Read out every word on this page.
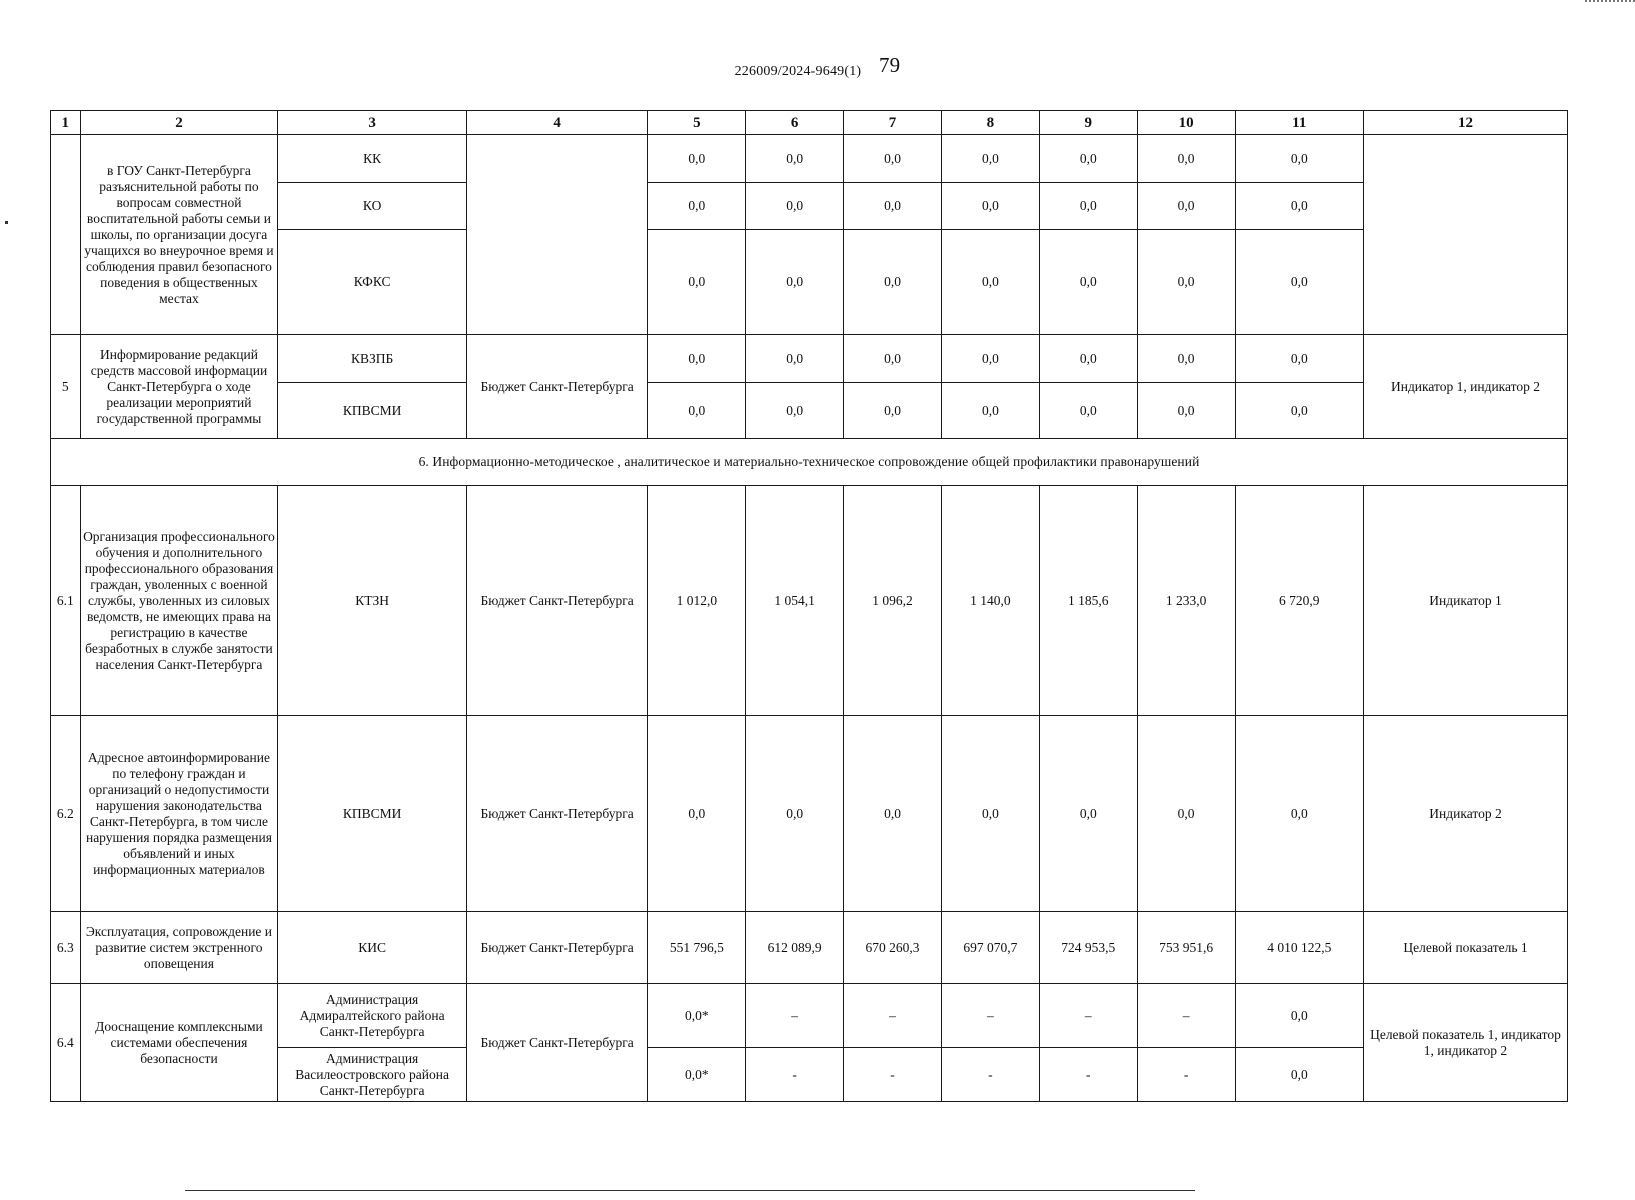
226009/2024-9649(1) 79
1	2	3	4	5	6	7	8	9	10	11	12
	в ГОУ Санкт-Петербурга разъяснительной работы по вопросам совместной воспитательной работы семьи и школы, по организации досуга учащихся во внеурочное время и соблюдения правил безопасного поведения в общественных местах	КК		0,0	0,0	0,0	0,0	0,0	0,0	0,0	
		КО		0,0	0,0	0,0	0,0	0,0	0,0	0,0	
		КФКС		0,0	0,0	0,0	0,0	0,0	0,0	0,0	
5	Информирование редакций средств массовой информации Санкт-Петербурга о ходе реализации мероприятий государственной программы	КВЗПБ	Бюджет Санкт-Петербурга	0,0	0,0	0,0	0,0	0,0	0,0	0,0	Индикатор 1, индикатор 2
		КПВСМИ		0,0	0,0	0,0	0,0	0,0	0,0	0,0	
6. Информационно-методическое , аналитическое и материально-техническое сопровождение общей профилактики правонарушений											
6.1	Организация профессионального обучения и дополнительного профессионального образования граждан, уволенных с военной службы, уволенных из силовых ведомств, не имеющих права на регистрацию в качестве безработных в службе занятости населения Санкт-Петербурга	КТЗН	Бюджет Санкт-Петербурга	1 012,0	1 054,1	1 096,2	1 140,0	1 185,6	1 233,0	6 720,9	Индикатор 1
6.2	Адресное автоинформирование по телефону граждан и организаций о недопустимости нарушения законодательства Санкт-Петербурга, в том числе нарушения порядка размещения объявлений и иных информационных материалов	КПВСМИ	Бюджет Санкт-Петербурга	0,0	0,0	0,0	0,0	0,0	0,0	0,0	Индикатор 2
6.3	Эксплуатация, сопровождение и развитие систем экстренного оповещения	КИС	Бюджет Санкт-Петербурга	551 796,5	612 089,9	670 260,3	697 070,7	724 953,5	753 951,6	4 010 122,5	Целевой показатель 1
6.4	Дооснащение комплексными системами обеспечения безопасности	Администрация Адмиралтейского района Санкт-Петербурга	Бюджет Санкт-Петербурга	0,0*	–	–	–	–	–	0,0	Целевой показатель 1, индикатор 1, индикатор 2
		Администрация Василеостровского района Санкт-Петербурга		0,0*	-	-	-	-	-	0,0	
